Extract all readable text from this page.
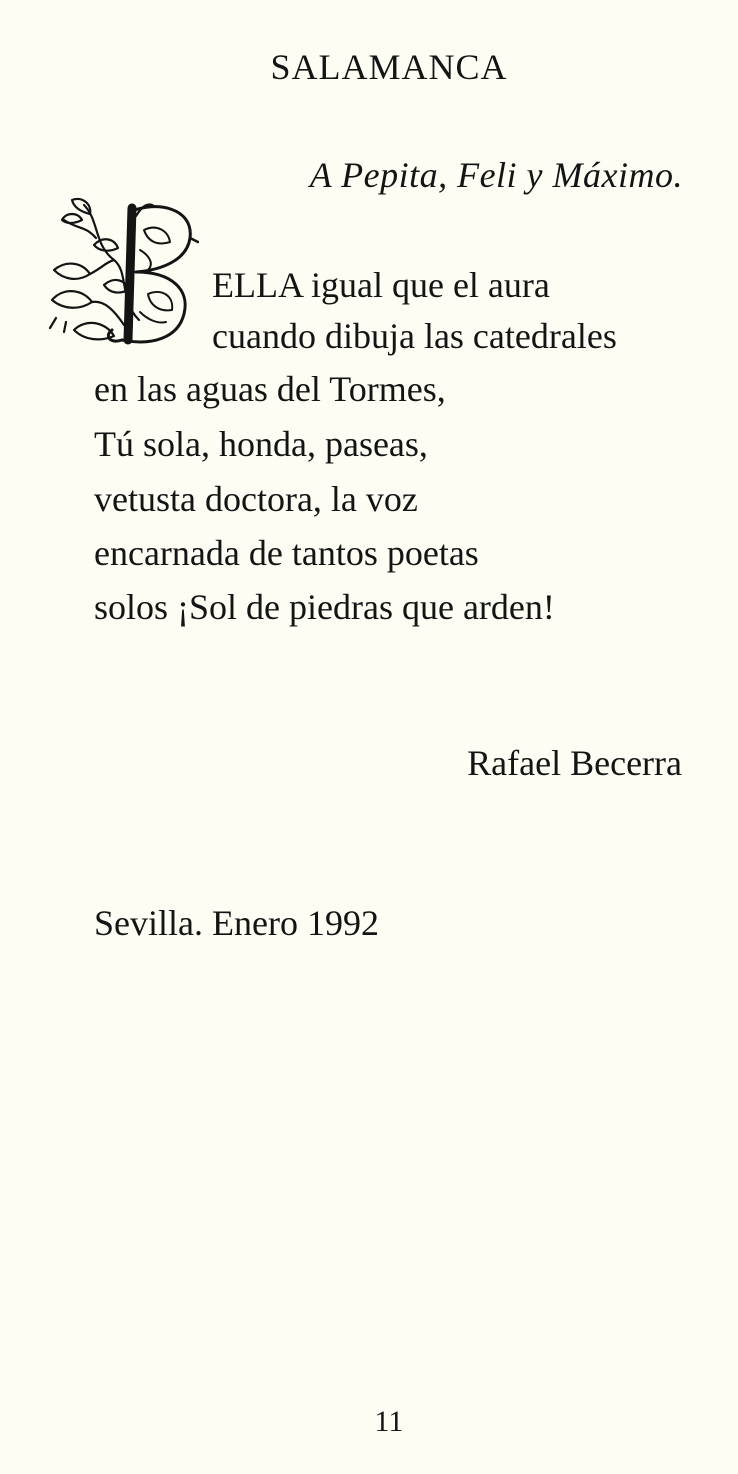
SALAMANCA
A Pepita, Feli y Máximo.
ELLA igual que el aura
cuando dibuja las catedrales
en las aguas del Tormes,
Tú sola, honda, paseas,
vetusta doctora, la voz
encarnada de tantos poetas
solos ¡Sol de piedras que arden!
Rafael Becerra
Sevilla. Enero 1992
11
